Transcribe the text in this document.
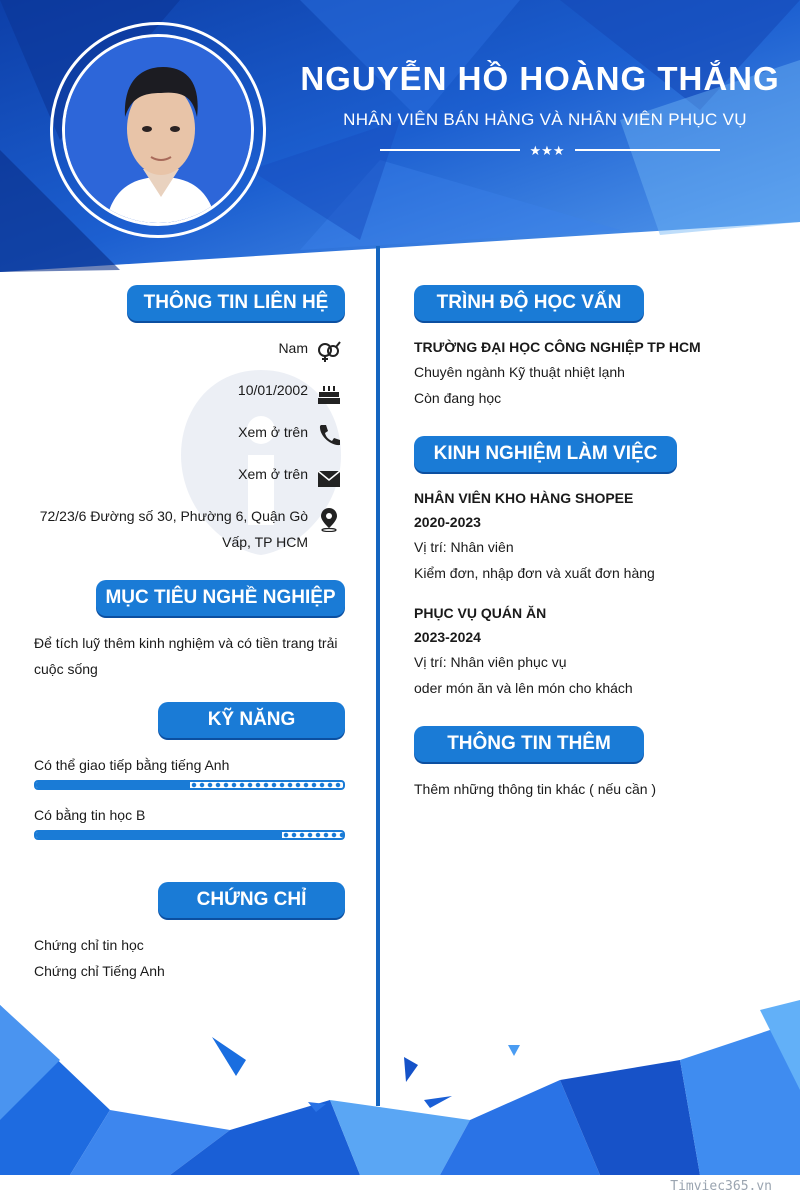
NGUYỄN HỒ HOÀNG THẮNG
NHÂN VIÊN BÁN HÀNG VÀ NHÂN VIÊN PHỤC VỤ
★★★
THÔNG TIN LIÊN HỆ
Nam
10/01/2002
Xem ở trên
Xem ở trên
72/23/6 Đường số 30, Phường 6, Quận Gò
Vấp, TP HCM
MỤC TIÊU NGHỀ NGHIỆP
Để tích luỹ thêm kinh nghiệm và có tiền trang trải
cuộc sống
KỸ NĂNG
Có thể giao tiếp bằng tiếng Anh
Có bằng tin học B
CHỨNG CHỈ
Chứng chỉ tin học
Chứng chỉ Tiếng Anh
TRÌNH ĐỘ HỌC VẤN
TRƯỜNG ĐẠI HỌC CÔNG NGHIỆP TP HCM
Chuyên ngành Kỹ thuật nhiệt lạnh
Còn đang học
KINH NGHIỆM LÀM VIỆC
NHÂN VIÊN KHO HÀNG SHOPEE
2020-2023
Vị trí: Nhân viên
Kiểm đơn, nhập đơn và xuất đơn hàng
PHỤC VỤ QUÁN ĂN
2023-2024
Vị trí: Nhân viên phục vụ
oder món ăn và lên món cho khách
THÔNG TIN THÊM
Thêm những thông tin khác ( nếu cần )
Timviec365.vn
